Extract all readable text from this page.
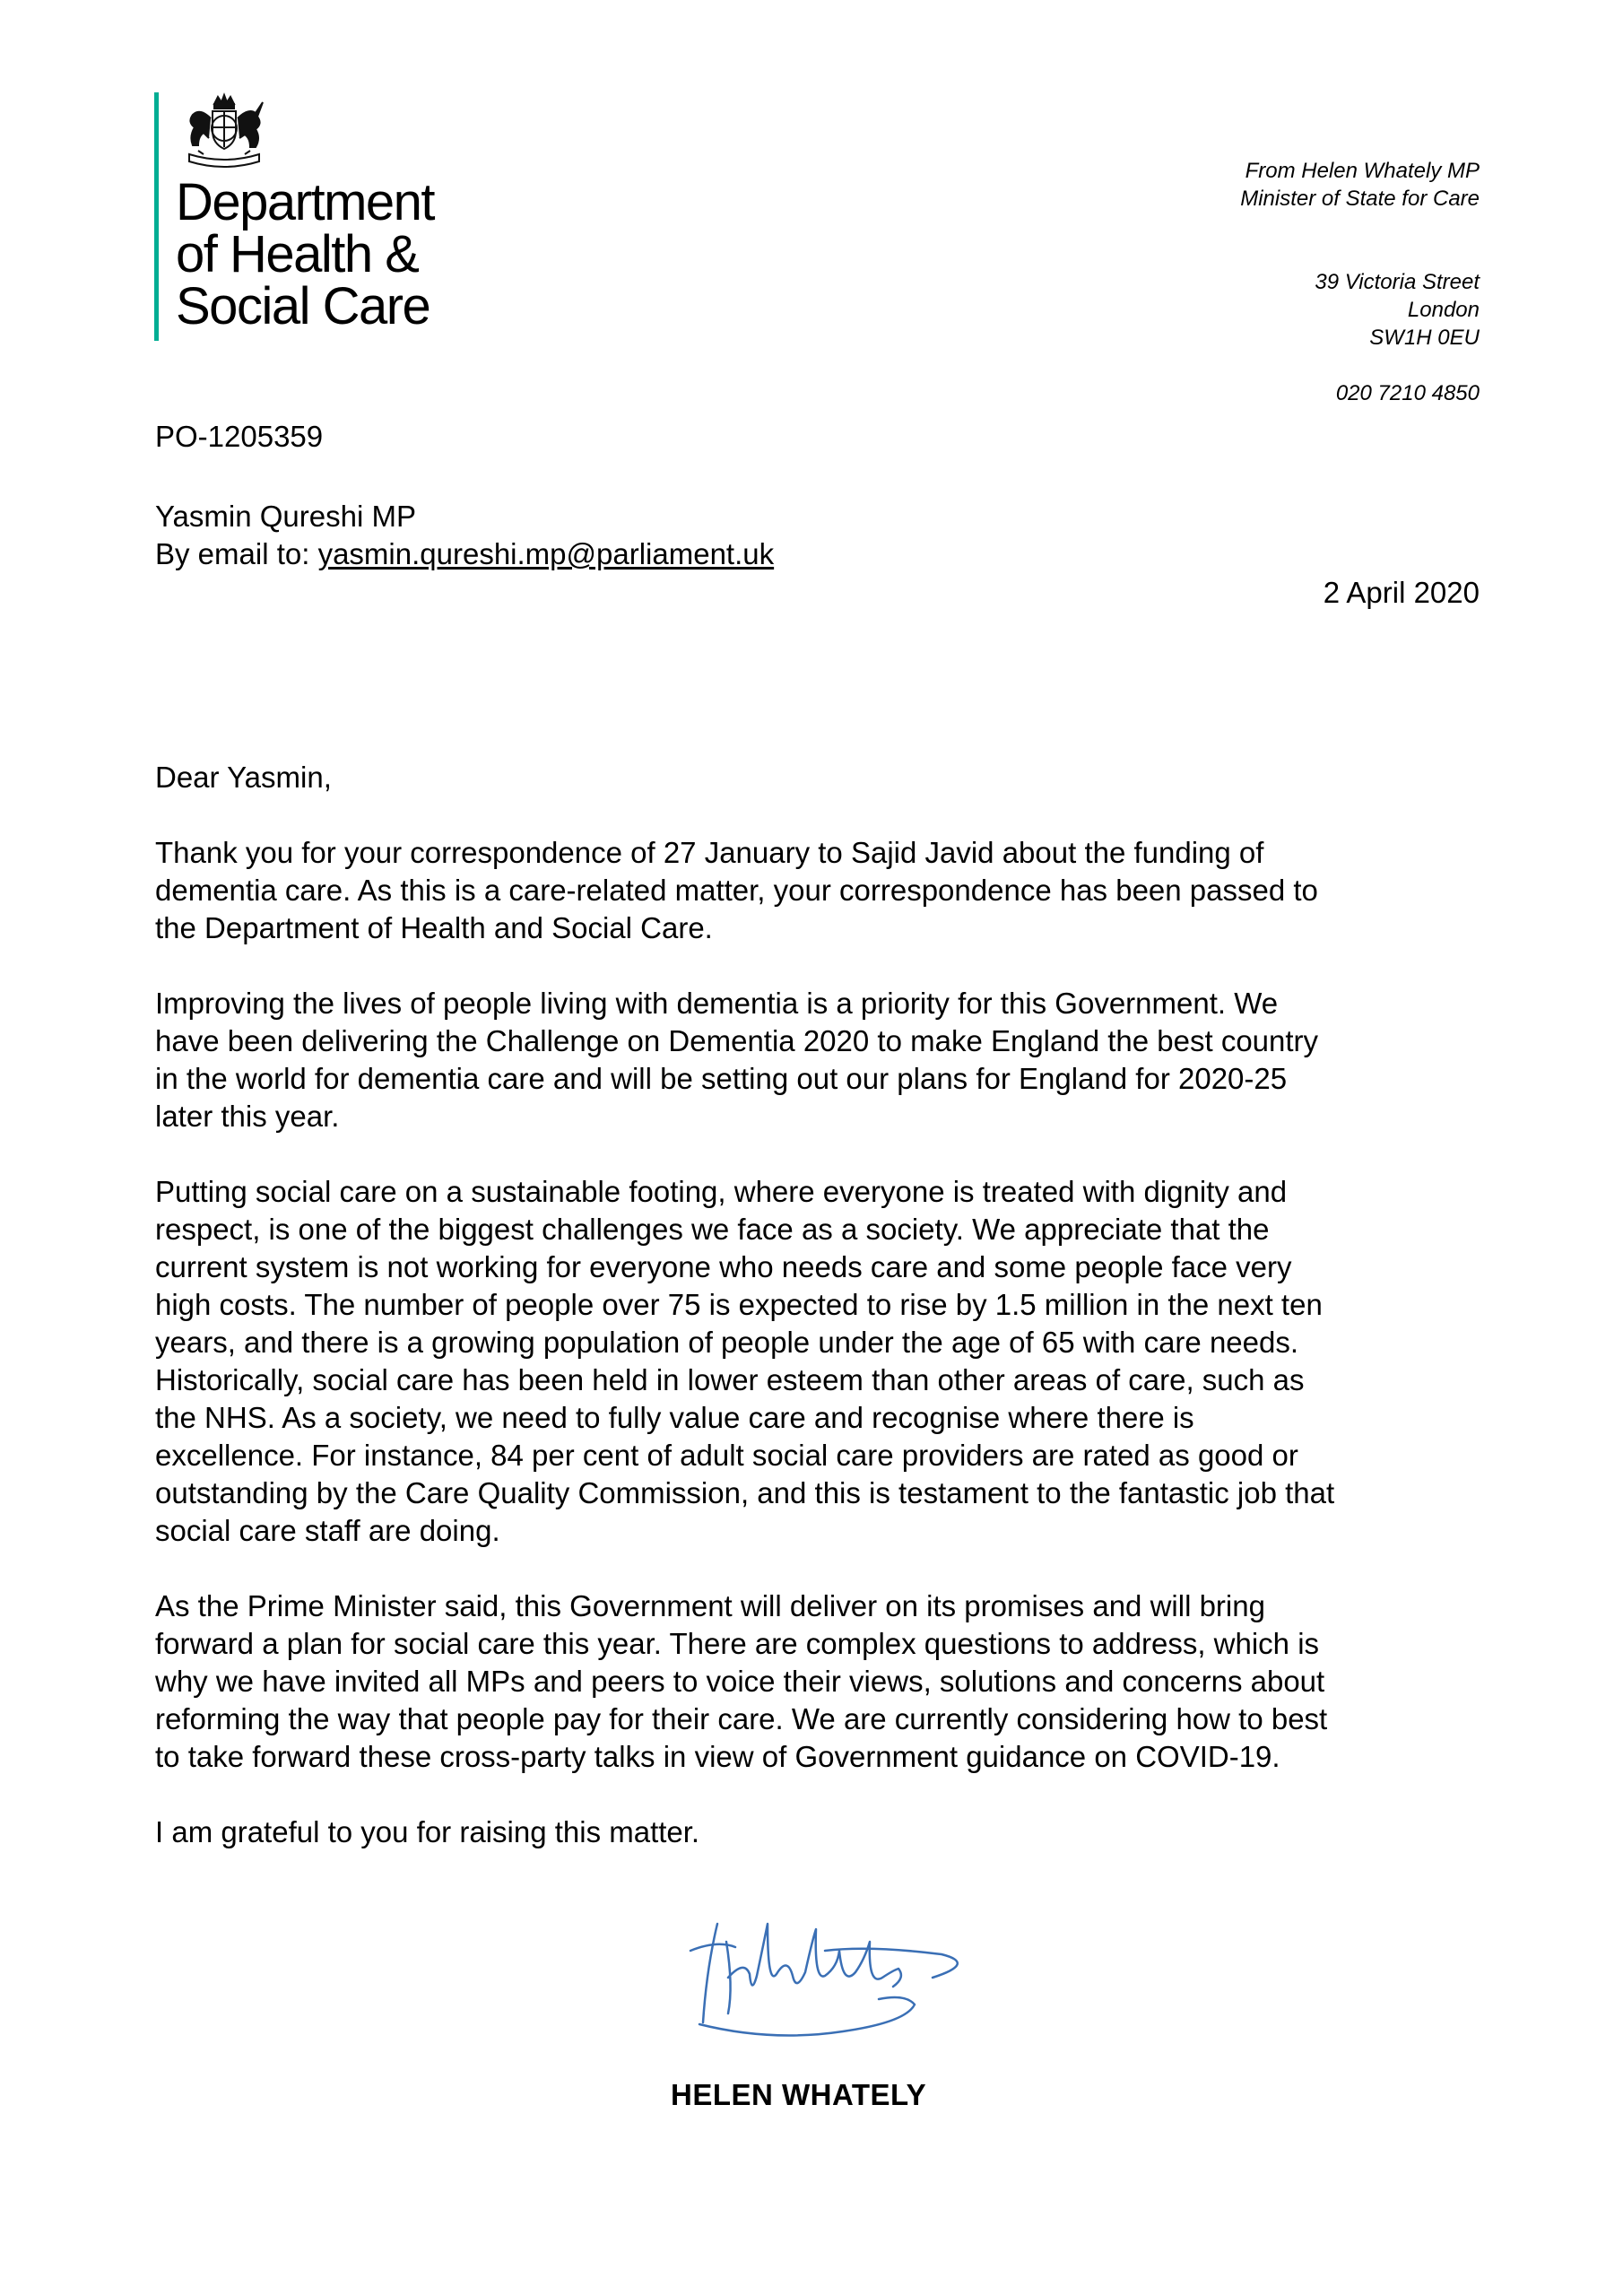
Department
of Health &
Social Care
From Helen Whately MP
Minister of State for Care
39 Victoria Street
London
SW1H 0EU
020 7210 4850
PO-1205359
Yasmin Qureshi MP
By email to: yasmin.qureshi.mp@parliament.uk
2 April 2020

Dear Yasmin,

Thank you for your correspondence of 27 January to Sajid Javid about the funding of
dementia care. As this is a care-related matter, your correspondence has been passed to
the Department of Health and Social Care.

Improving the lives of people living with dementia is a priority for this Government. We
have been delivering the Challenge on Dementia 2020 to make England the best country
in the world for dementia care and will be setting out our plans for England for 2020-25
later this year.

Putting social care on a sustainable footing, where everyone is treated with dignity and
respect, is one of the biggest challenges we face as a society. We appreciate that the
current system is not working for everyone who needs care and some people face very
high costs. The number of people over 75 is expected to rise by 1.5 million in the next ten
years, and there is a growing population of people under the age of 65 with care needs.
Historically, social care has been held in lower esteem than other areas of care, such as
the NHS. As a society, we need to fully value care and recognise where there is
excellence. For instance, 84 per cent of adult social care providers are rated as good or
outstanding by the Care Quality Commission, and this is testament to the fantastic job that
social care staff are doing.

As the Prime Minister said, this Government will deliver on its promises and will bring
forward a plan for social care this year. There are complex questions to address, which is
why we have invited all MPs and peers to voice their views, solutions and concerns about
reforming the way that people pay for their care. We are currently considering how to best
to take forward these cross-party talks in view of Government guidance on COVID-19.

I am grateful to you for raising this matter.

HELEN WHATELY
